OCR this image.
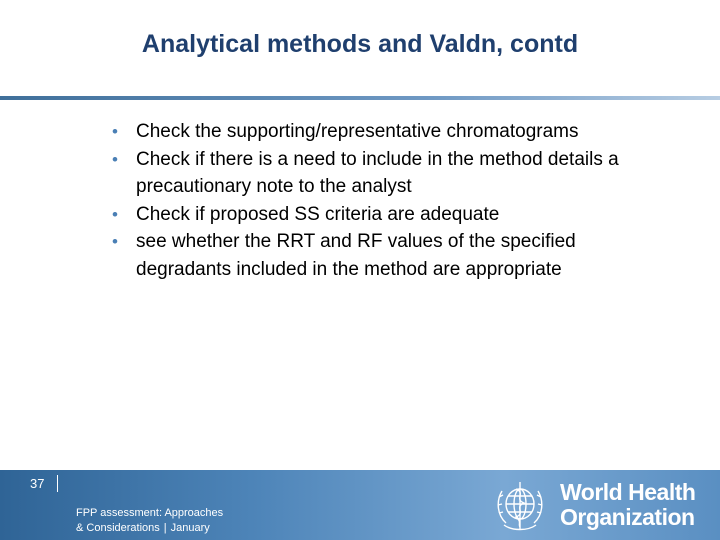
Analytical methods and Valdn, contd
• Check the supporting/representative chromatograms
• Check if there is a need to include in the method details a precautionary note to the analyst
• Check if proposed SS criteria are adequate
• see whether the RRT and RF values of the specified degradants included in the method are appropriate
37
FPP assessment: Approaches
& Considerations | January
World Health
Organization
